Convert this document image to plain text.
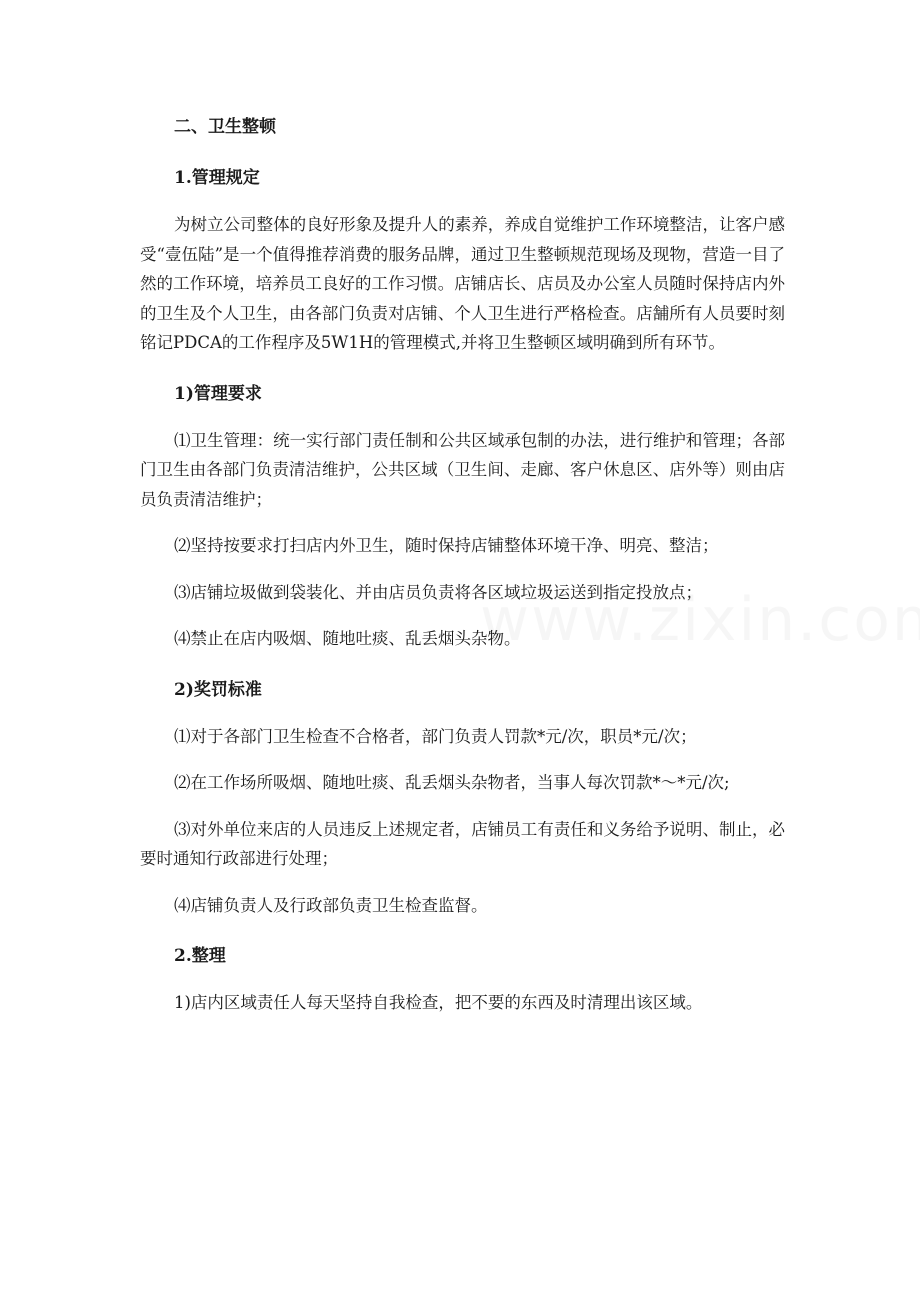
二、卫生整顿

1.管理规定

为树立公司整体的良好形象及提升人的素养，养成自觉维护工作环境整洁，让客户感受“壹伍陆”是一个值得推荐消费的服务品牌，通过卫生整顿规范现场及现物，营造一目了然的工作环境，培养员工良好的工作习惯。店铺店长、店员及办公室人员随时保持店内外的卫生及个人卫生，由各部门负责对店铺、个人卫生进行严格检查。店舗所有人员要时刻铭记PDCA的工作程序及5W1H的管理模式,并将卫生整顿区域明确到所有环节。

1)管理要求

⑴卫生管理：统一实行部门责任制和公共区域承包制的办法，进行维护和管理；各部门卫生由各部门负责清洁维护，公共区域（卫生间、走廊、客户休息区、店外等）则由店员负责清洁维护；

⑵坚持按要求打扫店内外卫生，随时保持店铺整体环境干净、明亮、整洁；

⑶店铺垃圾做到袋装化、并由店员负责将各区域垃圾运送到指定投放点；

⑷禁止在店内吸烟、随地吐痰、乱丢烟头杂物。

2)奖罚标准

⑴对于各部门卫生检查不合格者，部门负责人罚款*元/次，职员*元/次；

⑵在工作场所吸烟、随地吐痰、乱丢烟头杂物者，当事人每次罚款*～*元/次;

⑶对外单位来店的人员违反上述规定者，店铺员工有责任和义务给予说明、制止，必要时通知行政部进行处理；

⑷店铺负责人及行政部负责卫生检查监督。

2.整理

1)店内区域责任人每天坚持自我检查，把不要的东西及时清理出该区域。
